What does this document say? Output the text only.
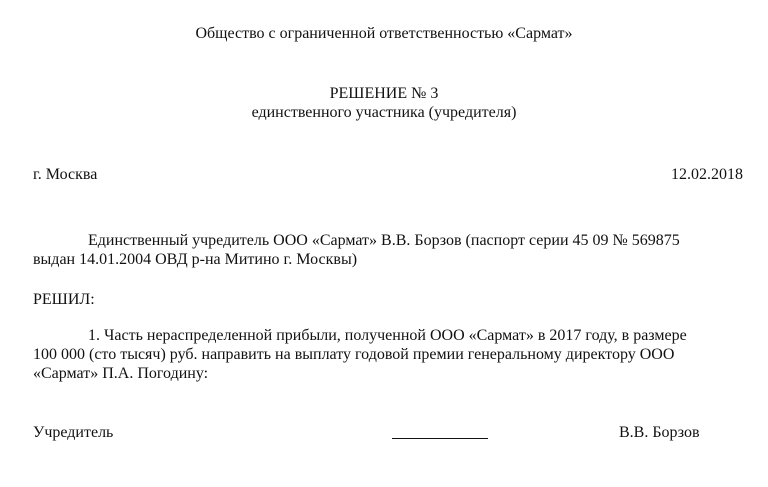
Общество с ограниченной ответственностью «Сармат»
РЕШЕНИЕ № 3
единственного участника (учредителя)
г. Москва	12.02.2018
Единственный учредитель ООО «Сармат» В.В. Борзов (паспорт серии 45 09 № 569875
выдан 14.01.2004 ОВД р-на Митино г. Москвы)
РЕШИЛ:
1. Часть нераспределенной прибыли, полученной ООО «Сармат» в 2017 году, в размере
100 000 (сто тысяч) руб. направить на выплату годовой премии генеральному директору ООО
«Сармат» П.А. Погодину:
Учредитель	В.В. Борзов
